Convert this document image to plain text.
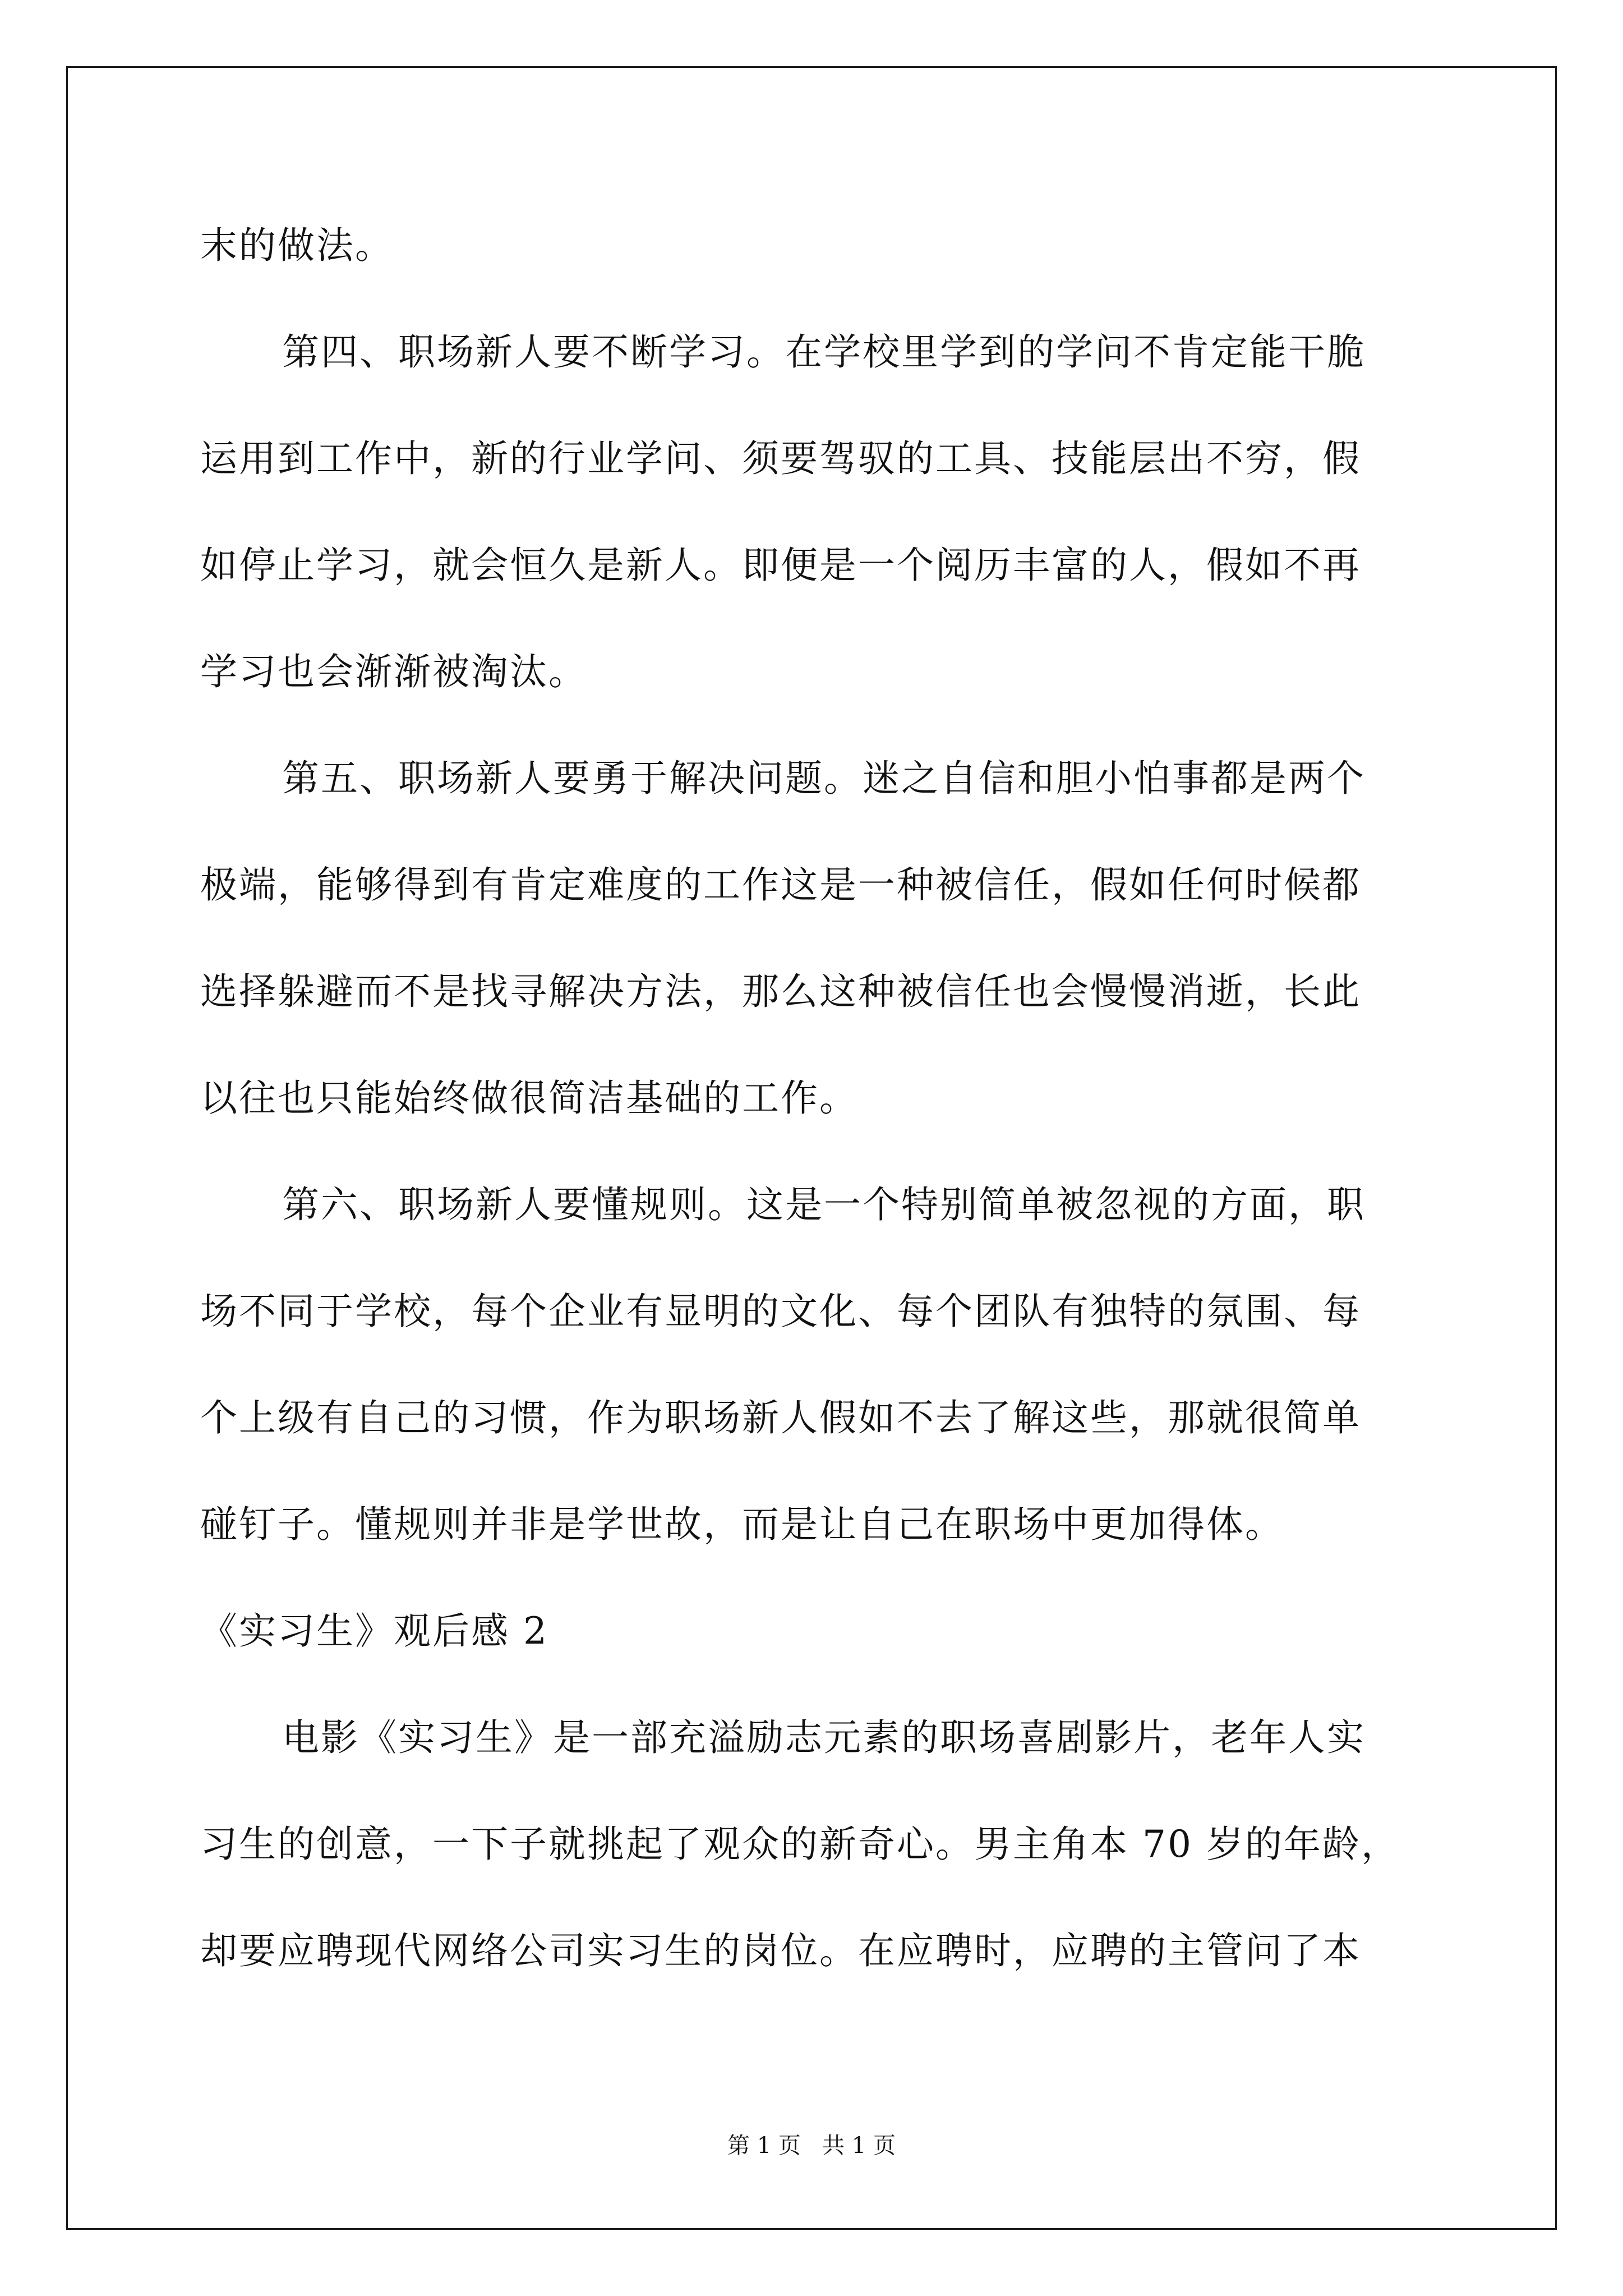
末的做法。
第四、职场新人要不断学习。在学校里学到的学问不肯定能干脆
运用到工作中，新的行业学问、须要驾驭的工具、技能层出不穷，假
如停止学习，就会恒久是新人。即便是一个阅历丰富的人，假如不再
学习也会渐渐被淘汰。
第五、职场新人要勇于解决问题。迷之自信和胆小怕事都是两个
极端，能够得到有肯定难度的工作这是一种被信任，假如任何时候都
选择躲避而不是找寻解决方法，那么这种被信任也会慢慢消逝，长此
以往也只能始终做很简洁基础的工作。
第六、职场新人要懂规则。这是一个特别简单被忽视的方面，职
场不同于学校，每个企业有显明的文化、每个团队有独特的氛围、每
个上级有自己的习惯，作为职场新人假如不去了解这些，那就很简单
碰钉子。懂规则并非是学世故，而是让自己在职场中更加得体。
《实习生》观后感 2
电影《实习生》是一部充溢励志元素的职场喜剧影片，老年人实
习生的创意，一下子就挑起了观众的新奇心。男主角本 70 岁的年龄，
却要应聘现代网络公司实习生的岗位。在应聘时，应聘的主管问了本
第 1 页   共 1 页
